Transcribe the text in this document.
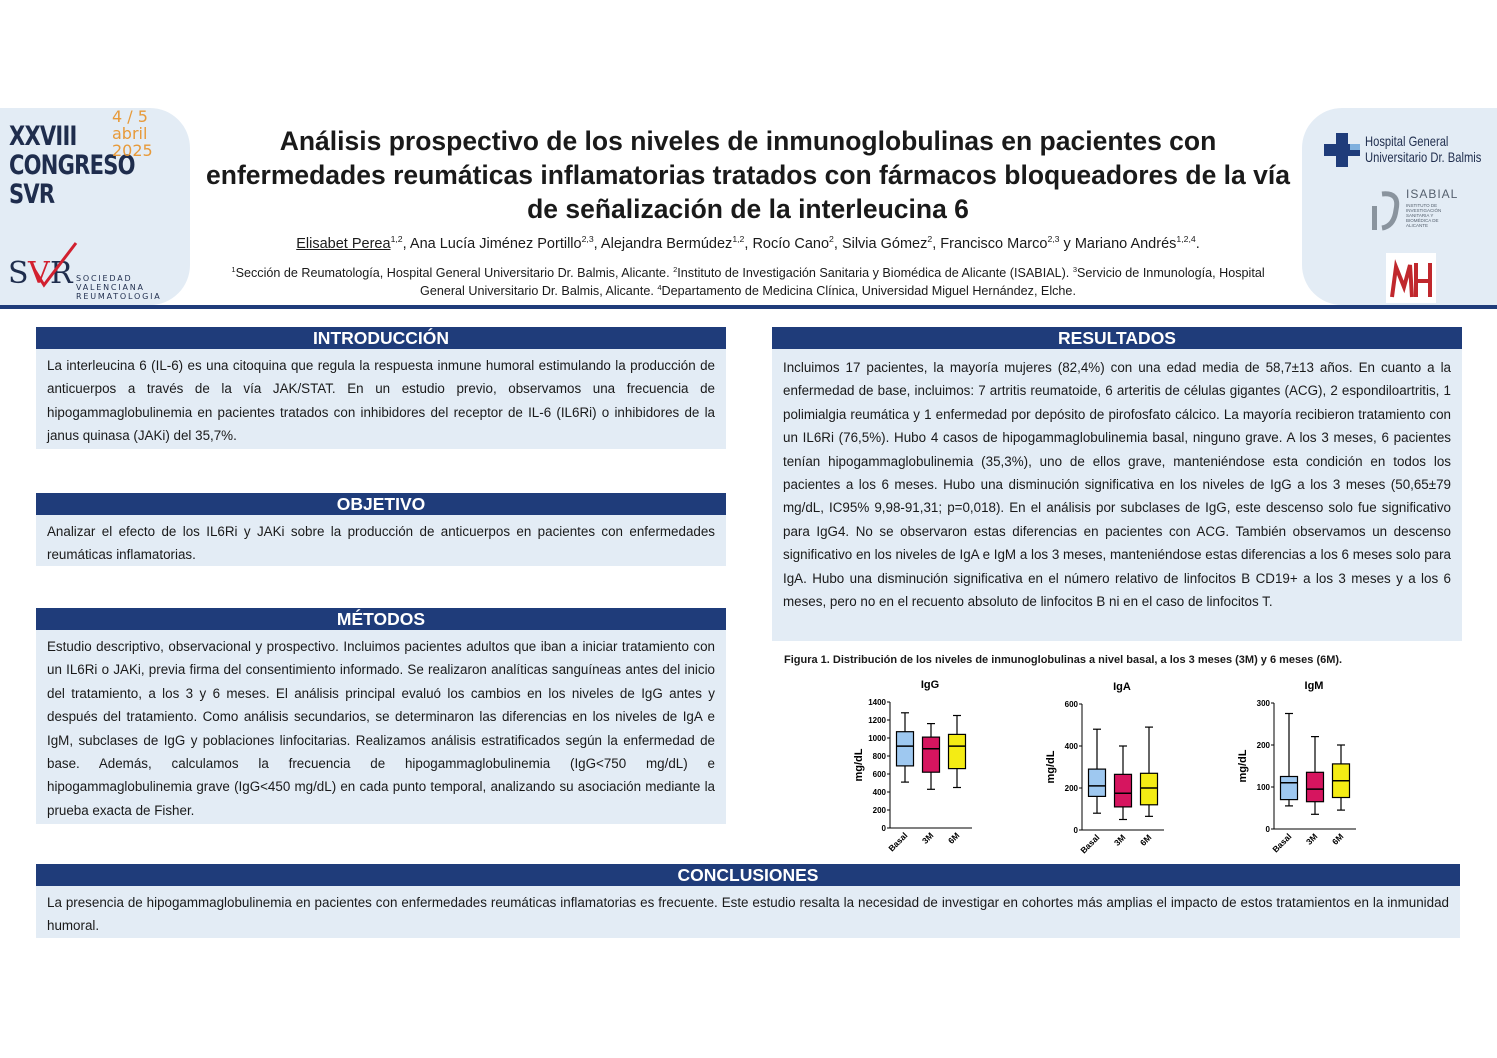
XXVIII
CONGRESO
SVR
4 / 5
abril
2025
S V R SOCIEDAD VALENCIANA
REUMATOLOGIA
Análisis prospectivo de los niveles de inmunoglobulinas en pacientes con enfermedades reumáticas inflamatorias tratados con fármacos bloqueadores de la vía de señalización de la interleucina 6
Elisabet Perea$^{1,2}$, Ana Lucía Jiménez Portillo$^{2,3}$, Alejandra Bermúdez$^{1,2}$, Rocío Cano$^2$, Silvia Gómez$^2$, Francisco Marco$^{2,3}$ y Mariano Andrés$^{1,2,4}$.
$^1$Sección de Reumatología, Hospital General Universitario Dr. Balmis, Alicante. $^2$Instituto de Investigación Sanitaria y Biomédica de Alicante (ISABIAL). $^3$Servicio de Inmunología, Hospital General Universitario Dr. Balmis, Alicante. $^4$Departamento de Medicina Clínica, Universidad Miguel Hernández, Elche.
Hospital General
Universitario Dr. Balmis
ISABIAL
INSTITUTO DE INVESTIGACIÓN SANITARIA Y BIOMÉDICA DE ALICANTE
INTRODUCCIÓN
La interleucina 6 (IL-6) es una citoquina que regula la respuesta inmune humoral estimulando la producción de anticuerpos a través de la vía JAK/STAT. En un estudio previo, observamos una frecuencia de hipogammaglobulinemia en pacientes tratados con inhibidores del receptor de IL-6 (IL6Ri) o inhibidores de la janus quinasa (JAKi) del 35,7%.
OBJETIVO
Analizar el efecto de los IL6Ri y JAKi sobre la producción de anticuerpos en pacientes con enfermedades reumáticas inflamatorias.
MÉTODOS
Estudio descriptivo, observacional y prospectivo. Incluimos pacientes adultos que iban a iniciar tratamiento con un IL6Ri o JAKi, previa firma del consentimiento informado. Se realizaron analíticas sanguíneas antes del inicio del tratamiento, a los 3 y 6 meses. El análisis principal evaluó los cambios en los niveles de IgG antes y después del tratamiento. Como análisis secundarios, se determinaron las diferencias en los niveles de IgA e IgM, subclases de IgG y poblaciones linfocitarias. Realizamos análisis estratificados según la enfermedad de base. Además, calculamos la frecuencia de hipogammaglobulinemia (IgG<750 mg/dL) e hipogammaglobulinemia grave (IgG<450 mg/dL) en cada punto temporal, analizando su asociación mediante la prueba exacta de Fisher.
RESULTADOS
Incluimos 17 pacientes, la mayoría mujeres (82,4%) con una edad media de 58,7±13 años. En cuanto a la enfermedad de base, incluimos: 7 artritis reumatoide, 6 arteritis de células gigantes (ACG), 2 espondiloartritis, 1 polimialgia reumática y 1 enfermedad por depósito de pirofosfato cálcico. La mayoría recibieron tratamiento con un IL6Ri (76,5%). Hubo 4 casos de hipogammaglobulinemia basal, ninguno grave. A los 3 meses, 6 pacientes tenían hipogammaglobulinemia (35,3%), uno de ellos grave, manteniéndose esta condición en todos los pacientes a los 6 meses. Hubo una disminución significativa en los niveles de IgG a los 3 meses (50,65±79 mg/dL, IC95% 9,98-91,31; p=0,018). En el análisis por subclases de IgG, este descenso solo fue significativo para IgG4. No se observaron estas diferencias en pacientes con ACG. También observamos un descenso significativo en los niveles de IgA e IgM a los 3 meses, manteniéndose estas diferencias a los 6 meses solo para IgA. Hubo una disminución significativa en el número relativo de linfocitos B CD19+ a los 3 meses y a los 6 meses, pero no en el recuento absoluto de linfocitos B ni en el caso de linfocitos T.
Figura 1. Distribución de los niveles de inmunoglobulinas a nivel basal, a los 3 meses (3M) y 6 meses (6M).
IgG
0
200
400
600
800
1000
1200
1400
mg/dL
Basal 3M 6M
IgA
0
200
400
600
mg/dL
Basal 3M 6M
IgM
0
100
200
300
mg/dL
Basal 3M 6M
CONCLUSIONES
La presencia de hipogammaglobulinemia en pacientes con enfermedades reumáticas inflamatorias es frecuente. Este estudio resalta la necesidad de investigar en cohortes más amplias el impacto de estos tratamientos en la inmunidad humoral.
